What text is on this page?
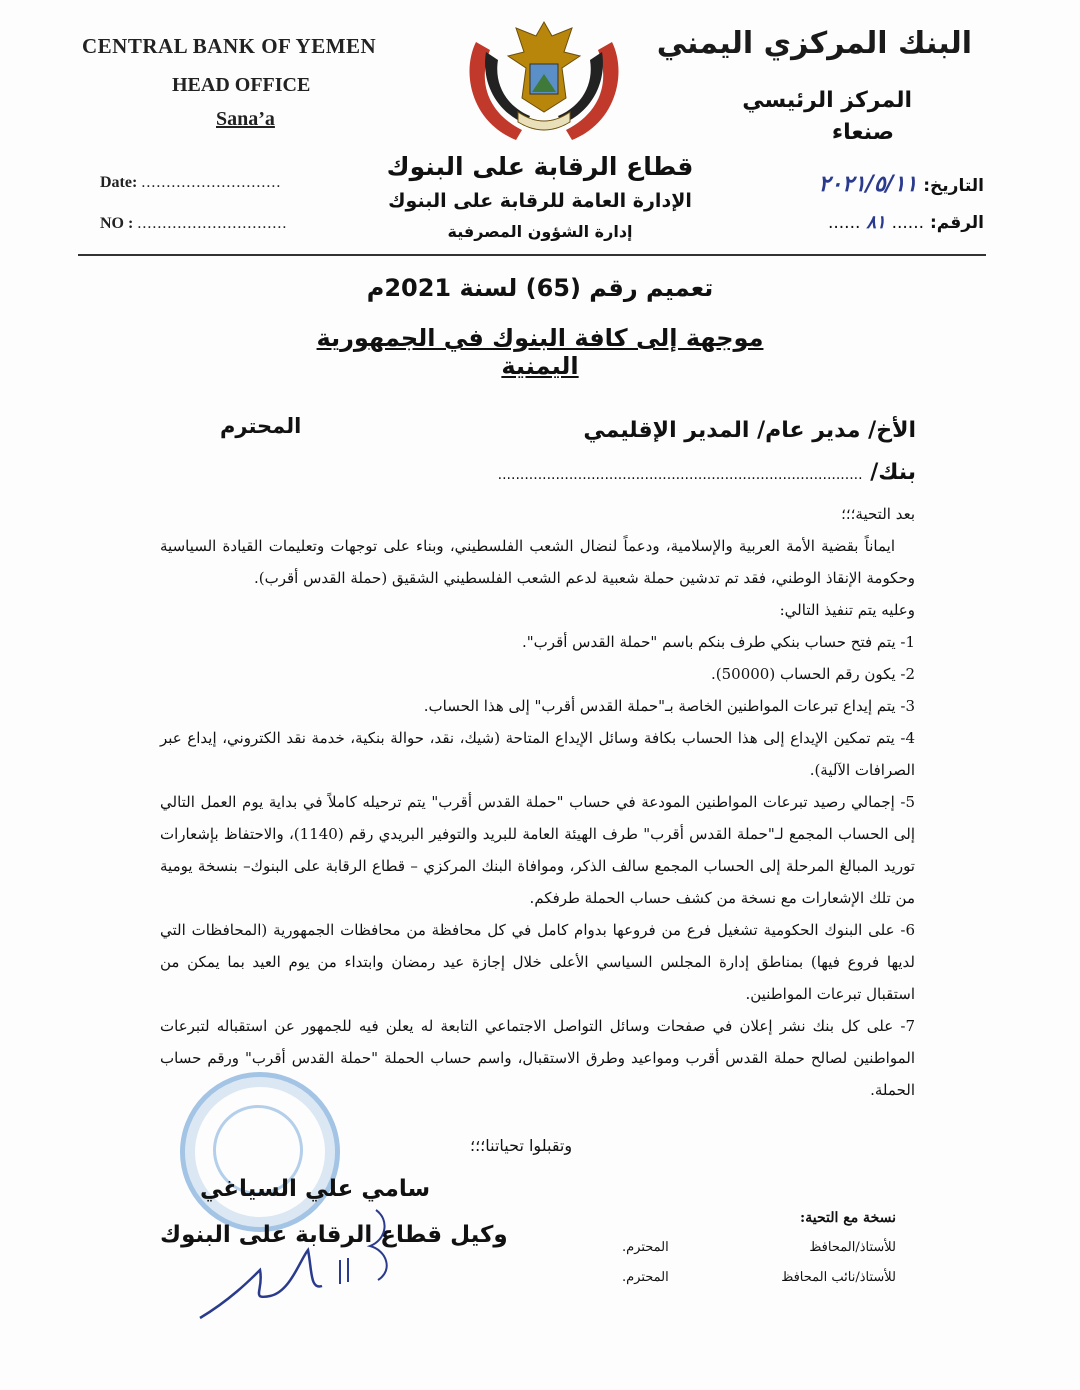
CENTRAL BANK OF YEMEN
HEAD OFFICE
Sana’a
Date: ............................
NO : ..............................
البنك المركزي اليمني
المركز الرئيسي
صنعاء
التاريخ: ٢٠٢١/٥/١١
الرقم: ...... ٨١ ......
قطاع الرقابة على البنوك
الإدارة العامة للرقابة على البنوك
إدارة الشؤون المصرفية
تعميم رقم (65) لسنة 2021م
موجهة إلى كافة البنوك في الجمهورية اليمنية
الأخ/ مدير عام/ المدير الإقليمي
المحترم
بنك/ ..................................................................................

بعد التحية؛؛؛

ايماناً بقضية الأمة العربية والإسلامية، ودعماً لنضال الشعب الفلسطيني، وبناء على توجهات وتعليمات القيادة السياسية وحكومة الإنقاذ الوطني، فقد تم تدشين حملة شعبية لدعم الشعب الفلسطيني الشقيق (حملة القدس أقرب).

وعليه يتم تنفيذ التالي:

1- يتم فتح حساب بنكي طرف بنكم باسم "حملة القدس أقرب".

2- يكون رقم الحساب (50000).

3- يتم إيداع تبرعات المواطنين الخاصة بـ"حملة القدس أقرب" إلى هذا الحساب.

4- يتم تمكين الإيداع إلى هذا الحساب بكافة وسائل الإيداع المتاحة (شيك، نقد، حوالة بنكية، خدمة نقد الكتروني، إيداع عبر الصرافات الآلية).

5- إجمالي رصيد تبرعات المواطنين المودعة في حساب "حملة القدس أقرب" يتم ترحيله كاملاً في بداية يوم العمل التالي إلى الحساب المجمع لـ"حملة القدس أقرب" طرف الهيئة العامة للبريد والتوفير البريدي رقم (1140)، والاحتفاظ بإشعارات توريد المبالغ المرحلة إلى الحساب المجمع سالف الذكر، وموافاة البنك المركزي – قطاع الرقابة على البنوك– بنسخة يومية من تلك الإشعارات مع نسخة من كشف حساب الحملة طرفكم.

6- على البنوك الحكومية تشغيل فرع من فروعها بدوام كامل في كل محافظة من محافظات الجمهورية (المحافظات التي لديها فروع فيها) بمناطق إدارة المجلس السياسي الأعلى خلال إجازة عيد رمضان وابتداء من يوم العيد بما يمكن من استقبال تبرعات المواطنين.

7- على كل بنك نشر إعلان في صفحات وسائل التواصل الاجتماعي التابعة له يعلن فيه للجمهور عن استقباله لتبرعات المواطنين لصالح حملة القدس أقرب ومواعيد وطرق الاستقبال، واسم حساب الحملة "حملة القدس أقرب" ورقم حساب الحملة.

وتقبلوا تحياتنا؛؛؛
سامي علي السياغي
وكيل قطاع الرقابة على البنوك
نسخة مع التحية:
للأستاذ/المحافظ
المحترم.
للأستاذ/نائب المحافظ
المحترم.
